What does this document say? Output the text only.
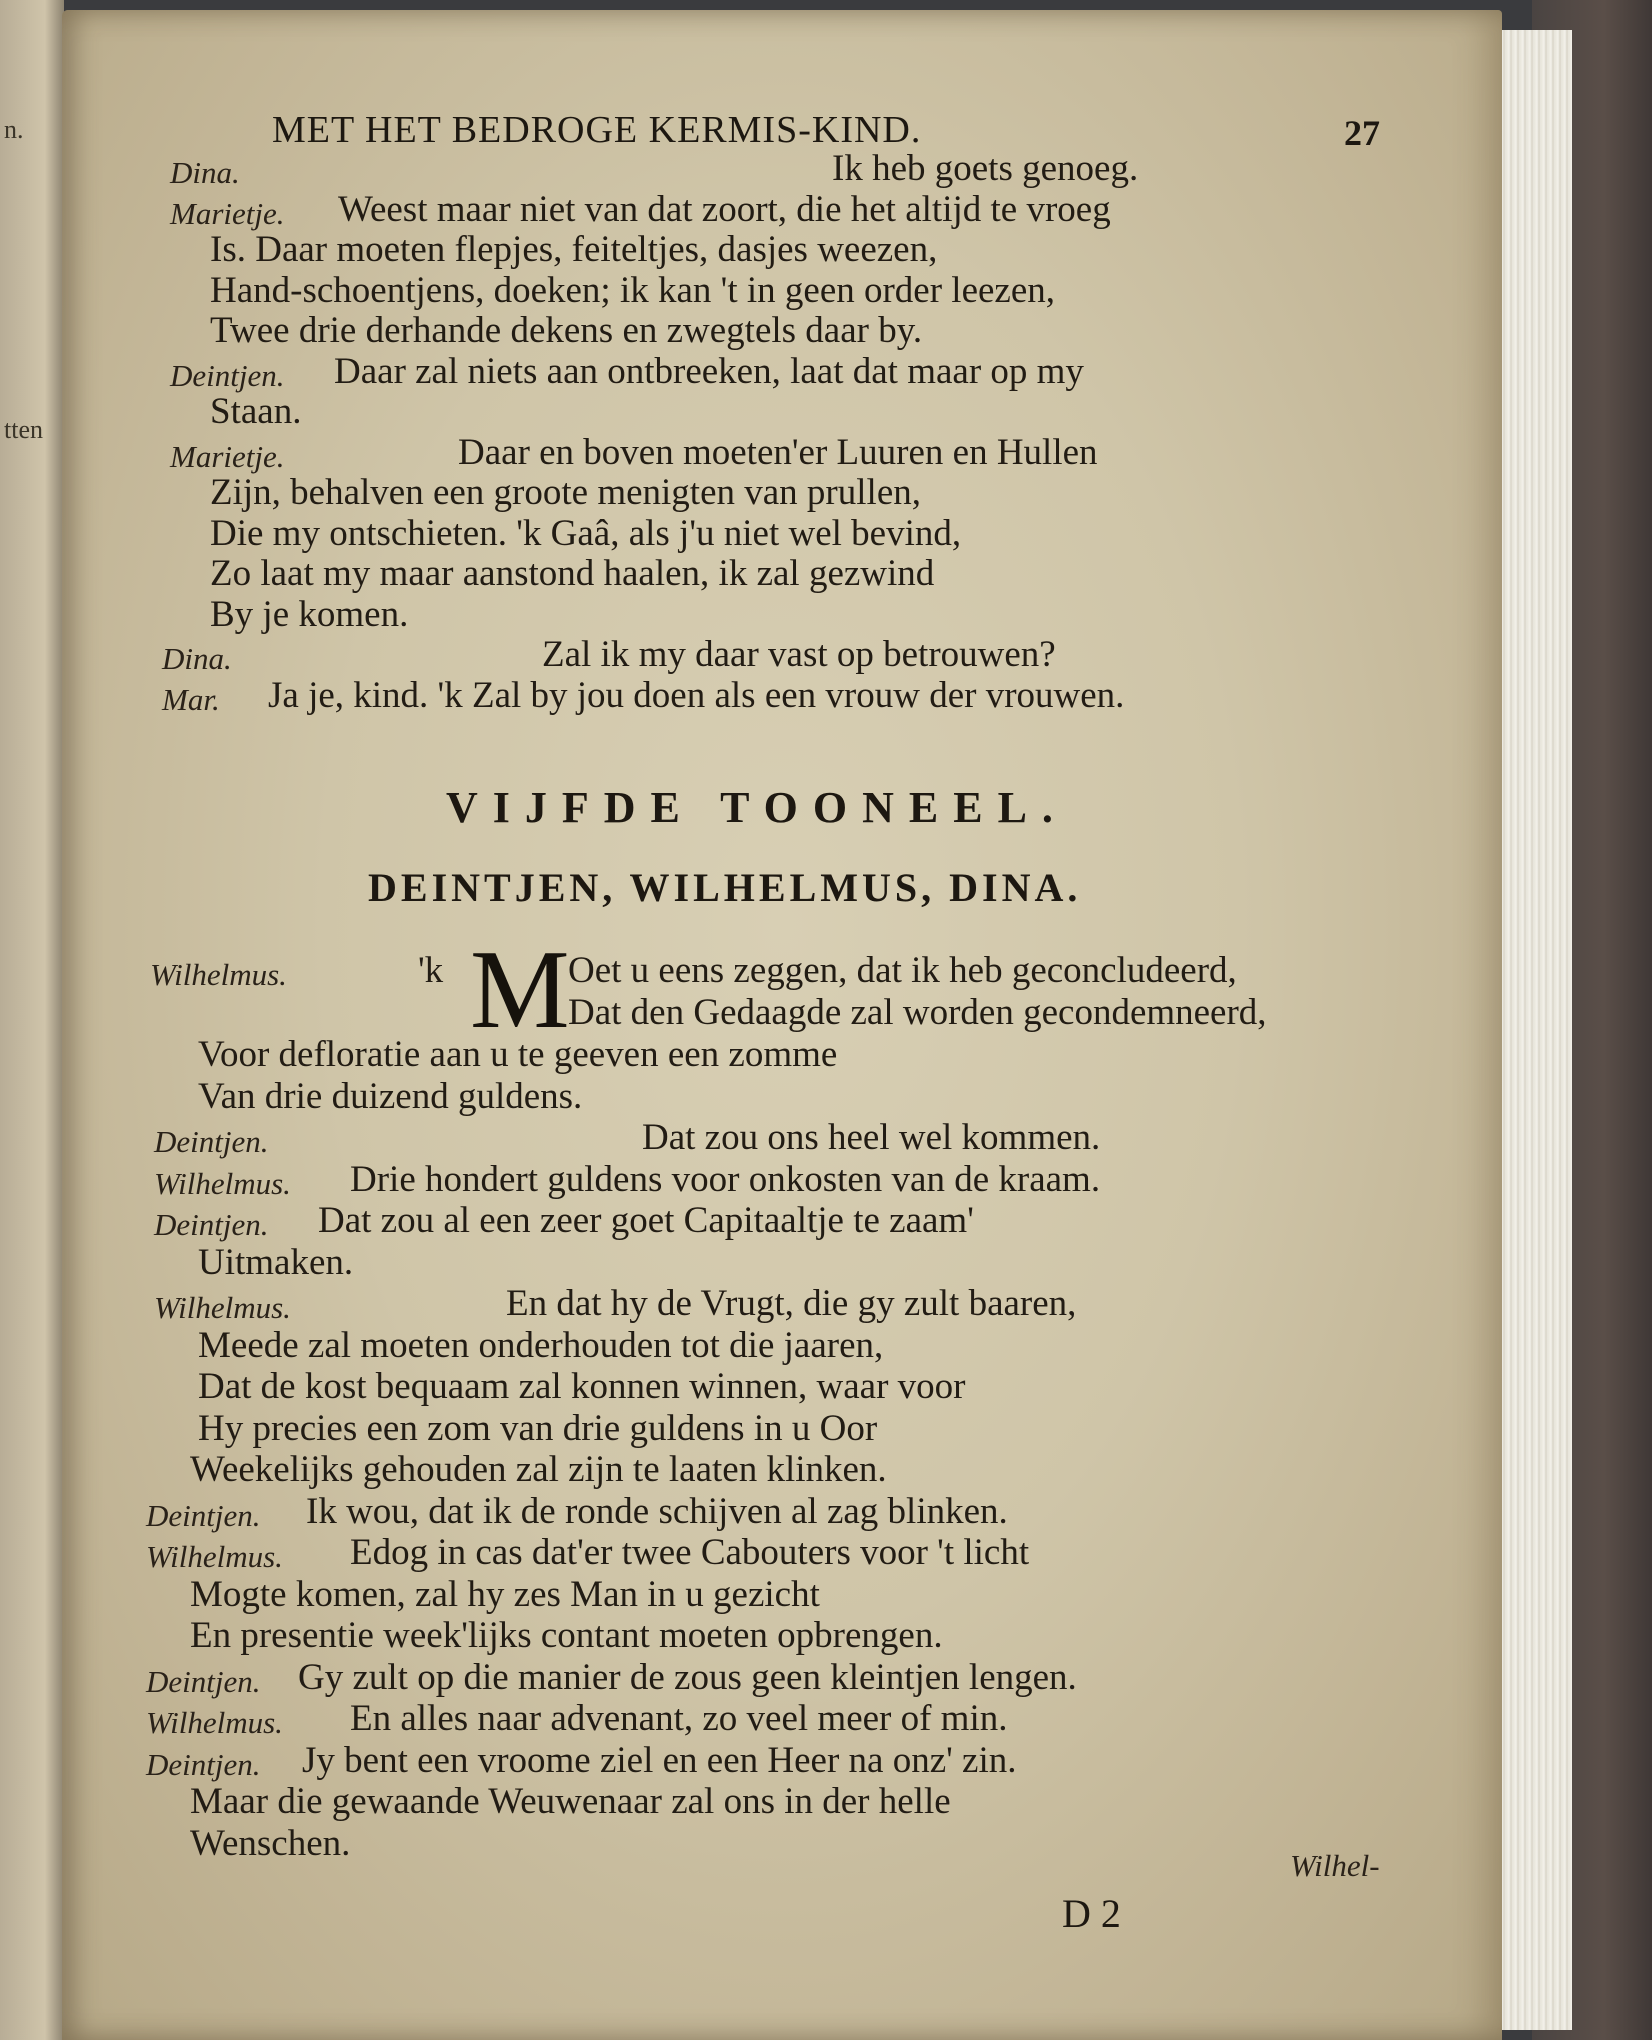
n.
tten
MET HET BEDROGE KERMIS-KIND.	27
Dina.	Ik heb goets genoeg.
Marietje. Weest maar niet van dat zoort, die het altijd te vroeg
Is. Daar moeten flepjes, feiteltjes, dasjes weezen,
Hand-schoentjens, doeken; ik kan 't in geen order leezen,
Twee drie derhande dekens en zwegtels daar by.
Deintjen. Daar zal niets aan ontbreeken, laat dat maar op my
Staan.
Marietje.	Daar en boven moeten'er Luuren en Hullen
Zijn, behalven een groote menigten van prullen,
Die my ontschieten. 'k Gaâ, als j'u niet wel bevind,
Zo laat my maar aanstond haalen, ik zal gezwind
By je komen.
Dina.	Zal ik my daar vast op betrouwen?
Mar. Ja je, kind. 'k Zal by jou doen als een vrouw der vrouwen.
VIJFDE TOONEEL.
DEINTJEN, WILHELMUS, DINA.
Wilhelmus.	'k M
Oet u eens zeggen, dat ik heb geconcludeerd,
Dat den Gedaagde zal worden gecondemneerd,
Voor defloratie aan u te geeven een zomme
Van drie duizend guldens.
Deintjen.	Dat zou ons heel wel kommen.
Wilhelmus. Drie hondert guldens voor onkosten van de kraam.
Deintjen. Dat zou al een zeer goet Capitaaltje te zaam'
Uitmaken.
Wilhelmus.	En dat hy de Vrugt, die gy zult baaren,
Meede zal moeten onderhouden tot die jaaren,
Dat de kost bequaam zal konnen winnen, waar voor
Hy precies een zom van drie guldens in u Oor
Weekelijks gehouden zal zijn te laaten klinken.
Deintjen. Ik wou, dat ik de ronde schijven al zag blinken.
Wilhelmus. Edog in cas dat'er twee Cabouters voor 't licht
Mogte komen, zal hy zes Man in u gezicht
En presentie week'lijks contant moeten opbrengen.
Deintjen. Gy zult op die manier de zous geen kleintjen lengen.
Wilhelmus. En alles naar advenant, zo veel meer of min.
Deintjen. Jy bent een vroome ziel en een Heer na onz' zin.
Maar die gewaande Weuwenaar zal ons in der helle
Wenschen.
D 2
Wilhel-
